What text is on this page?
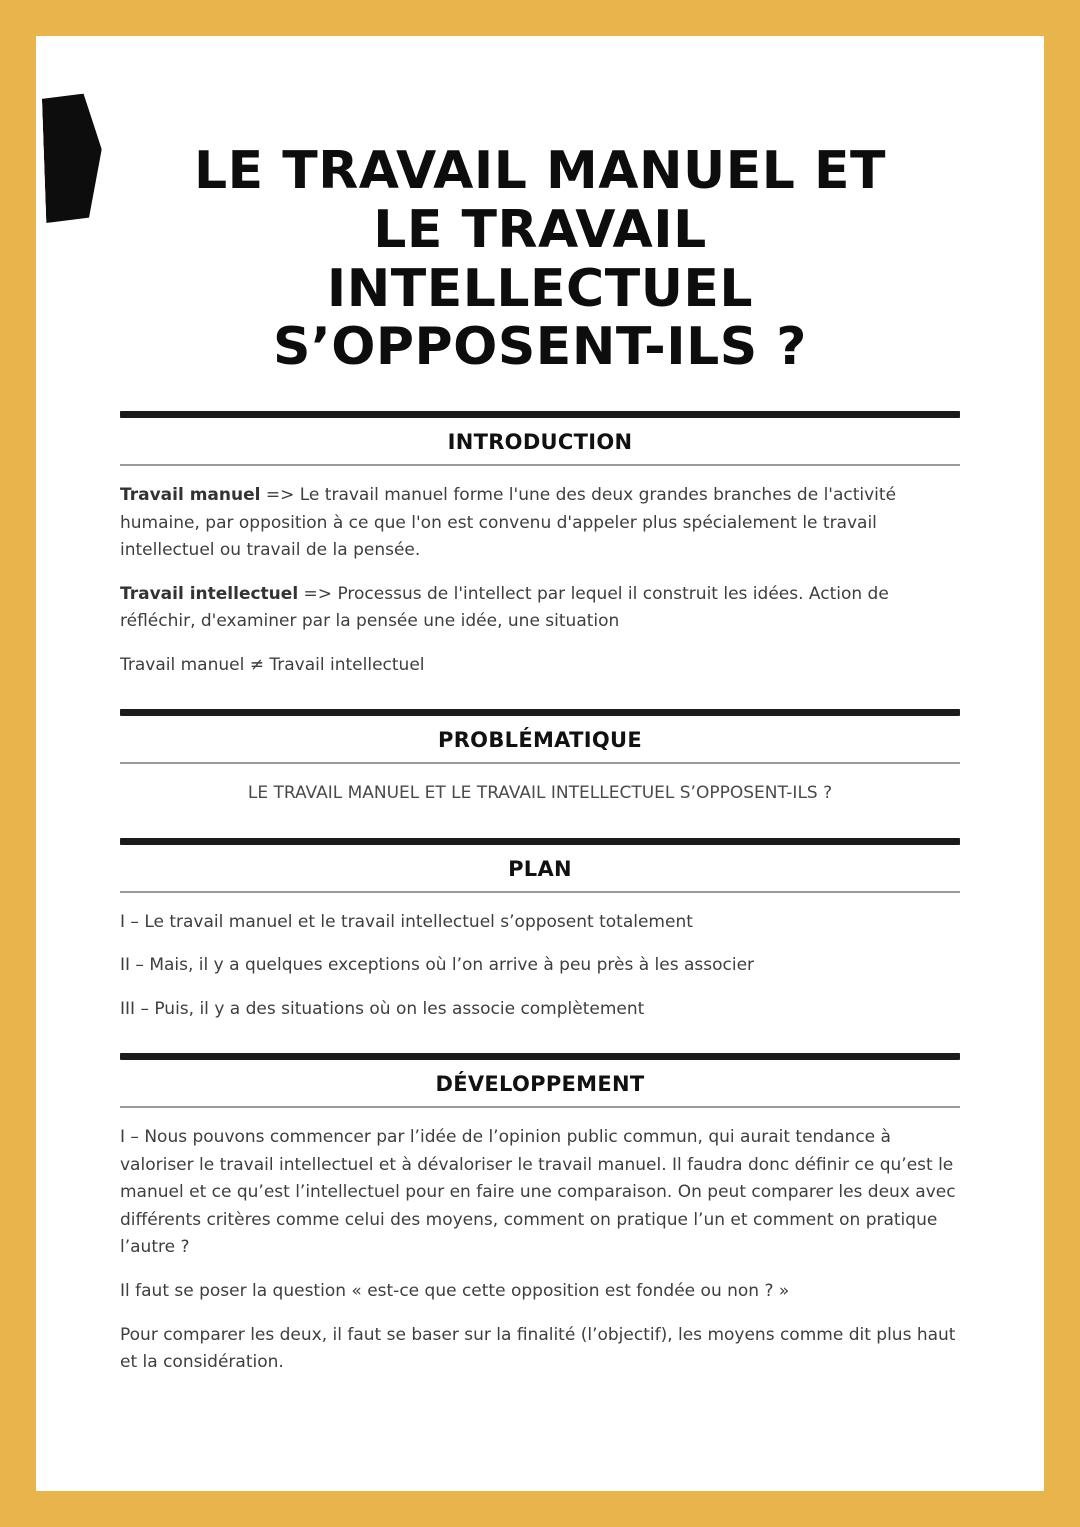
LE TRAVAIL MANUEL ET
LE TRAVAIL
INTELLECTUEL
S’OPPOSENT-ILS ?
INTRODUCTION

Travail manuel => Le travail manuel forme l'une des deux grandes branches de l'activité humaine, par opposition à ce que l'on est convenu d'appeler plus spécialement le travail intellectuel ou travail de la pensée.

Travail intellectuel => Processus de l'intellect par lequel il construit les idées. Action de réfléchir, d'examiner par la pensée une idée, une situation

Travail manuel ≠ Travail intellectuel

PROBLÉMATIQUE

LE TRAVAIL MANUEL ET LE TRAVAIL INTELLECTUEL S’OPPOSENT-ILS ?

PLAN

I – Le travail manuel et le travail intellectuel s’opposent totalement

II – Mais, il y a quelques exceptions où l’on arrive à peu près à les associer

III – Puis, il y a des situations où on les associe complètement

DÉVELOPPEMENT

I – Nous pouvons commencer par l’idée de l’opinion public commun, qui aurait tendance à valoriser le travail intellectuel et à dévaloriser le travail manuel. Il faudra donc définir ce qu’est le manuel et ce qu’est l’intellectuel pour en faire une comparaison. On peut comparer les deux avec différents critères comme celui des moyens, comment on pratique l’un et comment on pratique l’autre ?

Il faut se poser la question « est-ce que cette opposition est fondée ou non ? »

Pour comparer les deux, il faut se baser sur la finalité (l’objectif), les moyens comme dit plus haut et la considération.
